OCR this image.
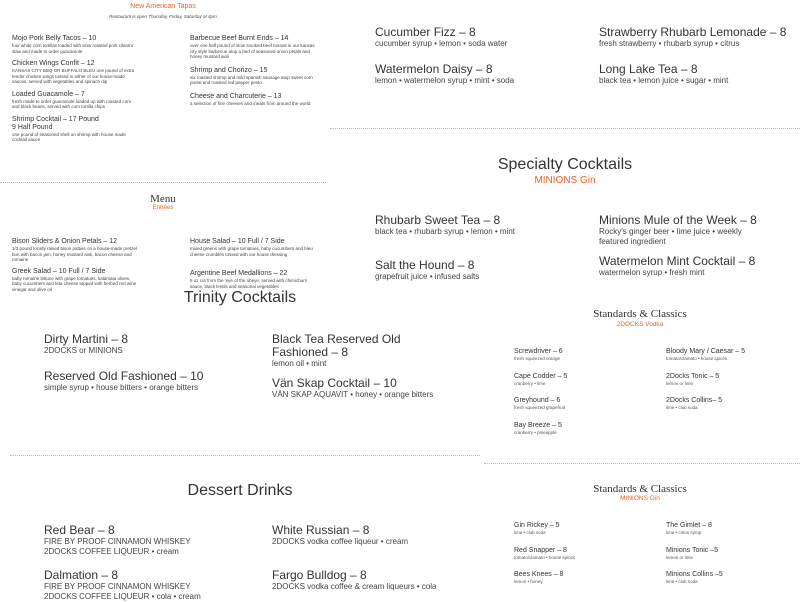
New American Tapas
Restaurant is open Thursday, Friday, Saturday at 4pm
Mojo Pork Belly Tacos – 10
four white corn tortillas loaded with slow roasted pork cilantro slaw and made to order guacamole
Chicken Wings Confit – 12
KANSAS CITY BBQ OR BUFFALO BLEU one pound of extra tender chicken wings tossed in either of our house-made sauces, served with vegetables and spinach dip
Loaded Guacamole – 7
fresh made to order guacamole loaded up with roasted corn and black beans, served with corn tortilla chips
Shrimp Cocktail – 17 Pound
9 Half Pound
one pound of seasoned shell on shrimp with house made cocktail sauce
Barbecue Beef Burnt Ends – 14
over one half pound of slow smoked beef tossed in our kansas city style barbecue atop a bed of seasoned onion petals and honey mustard aioli
Shrimp and Chorizo – 15
six roasted shrimp and mild spanish sausage atop sweet corn puree and roasted red pepper pesto
Cheese and Charcuterie – 13
a selection of fine cheeses and meats from around the world
Menu
Entrées
Bison Sliders & Onion Petals – 12
1/3 pound locally raised bison patties on a house-made pretzel bun with bacon jam, honey mustard aioli, bacon cheese and romaine
Greek Salad – 10 Full / 7 Side
baby romaine lettuce with grape tomatoes, kalamata olives, baby cucumbers and feta cheese topped with herbed red wine vinegar and olive oil
House Salad – 10 Full / 7 Side
mixed greens with grape tomatoes, baby cucumbers and bleu cheese crumbles tossed with our house dressing
Argentine Beef Medallions – 22
8 oz cut from the 'eye of the ribeye, served with chimichurri sauce, black lentils and seasonal vegetables
Trinity Cocktails
Dirty Martini – 8
2DOCKS or MINIONS
Reserved Old Fashioned – 10
simple syrup • house bitters • orange bitters
Black Tea Reserved Old
Fashioned – 8
lemon oil • mint
Vän Skap Cocktail – 10
VÄN SKAP AQUAVIT • honey • orange bitters
Dessert Drinks
Red Bear – 8
FIRE BY PROOF CINNAMON WHISKEY
2DOCKS COFFEE LIQUEUR • cream
Dalmation – 8
FIRE BY PROOF CINNAMON WHISKEY
2DOCKS COFFEE LIQUEUR • cola • cream
White Russian – 8
2DOCKS vodka coffee liqueur • cream
Fargo Bulldog – 8
2DOCKS vodka coffee & cream liqueurs • cola
Cucumber Fizz – 8
cucumber syrup • lemon • soda water
Watermelon Daisy – 8
lemon • watermelon syrup • mint • soda
Strawberry Rhubarb Lemonade – 8
fresh strawberry • rhubarb syrup • citrus
Long Lake Tea – 8
black tea • lemon juice • sugar • mint
Specialty Cocktails
MINIONS Gin
Rhubarb Sweet Tea – 8
black tea • rhubarb syrup • lemon • mint
Salt the Hound – 8
grapefruit juice • infused salts
Minions Mule of the Week – 8
Rocky's ginger beer • lime juice • weekly featured ingredient
Watermelon Mint Cocktail – 8
watermelon syrup • fresh mint
Standards & Classics
2DOCKS Vodka
Screwdriver – 6
fresh squeezed orange
Cape Codder – 5
cranberry • lime
Greyhound – 6
fresh squeezed grapefruit
Bay Breeze – 5
cranberry • pineapple
Bloody Mary / Caesar – 5
tomato/clamato • house spices
2Docks Tonic – 5
lemon or lime
2Docks Collins– 5
lime • club soda
Standards & Classics
MINIONS Gin
Gin Rickey – 5
lime • club soda
Red Snapper – 8
tomato/clamato • house spices
Bees Knees – 8
lemon • honey
The Gimlet – 8
lime • citrus syrup
Minions Tonic –5
lemon or lime
Minions Collins –5
lime • club soda
